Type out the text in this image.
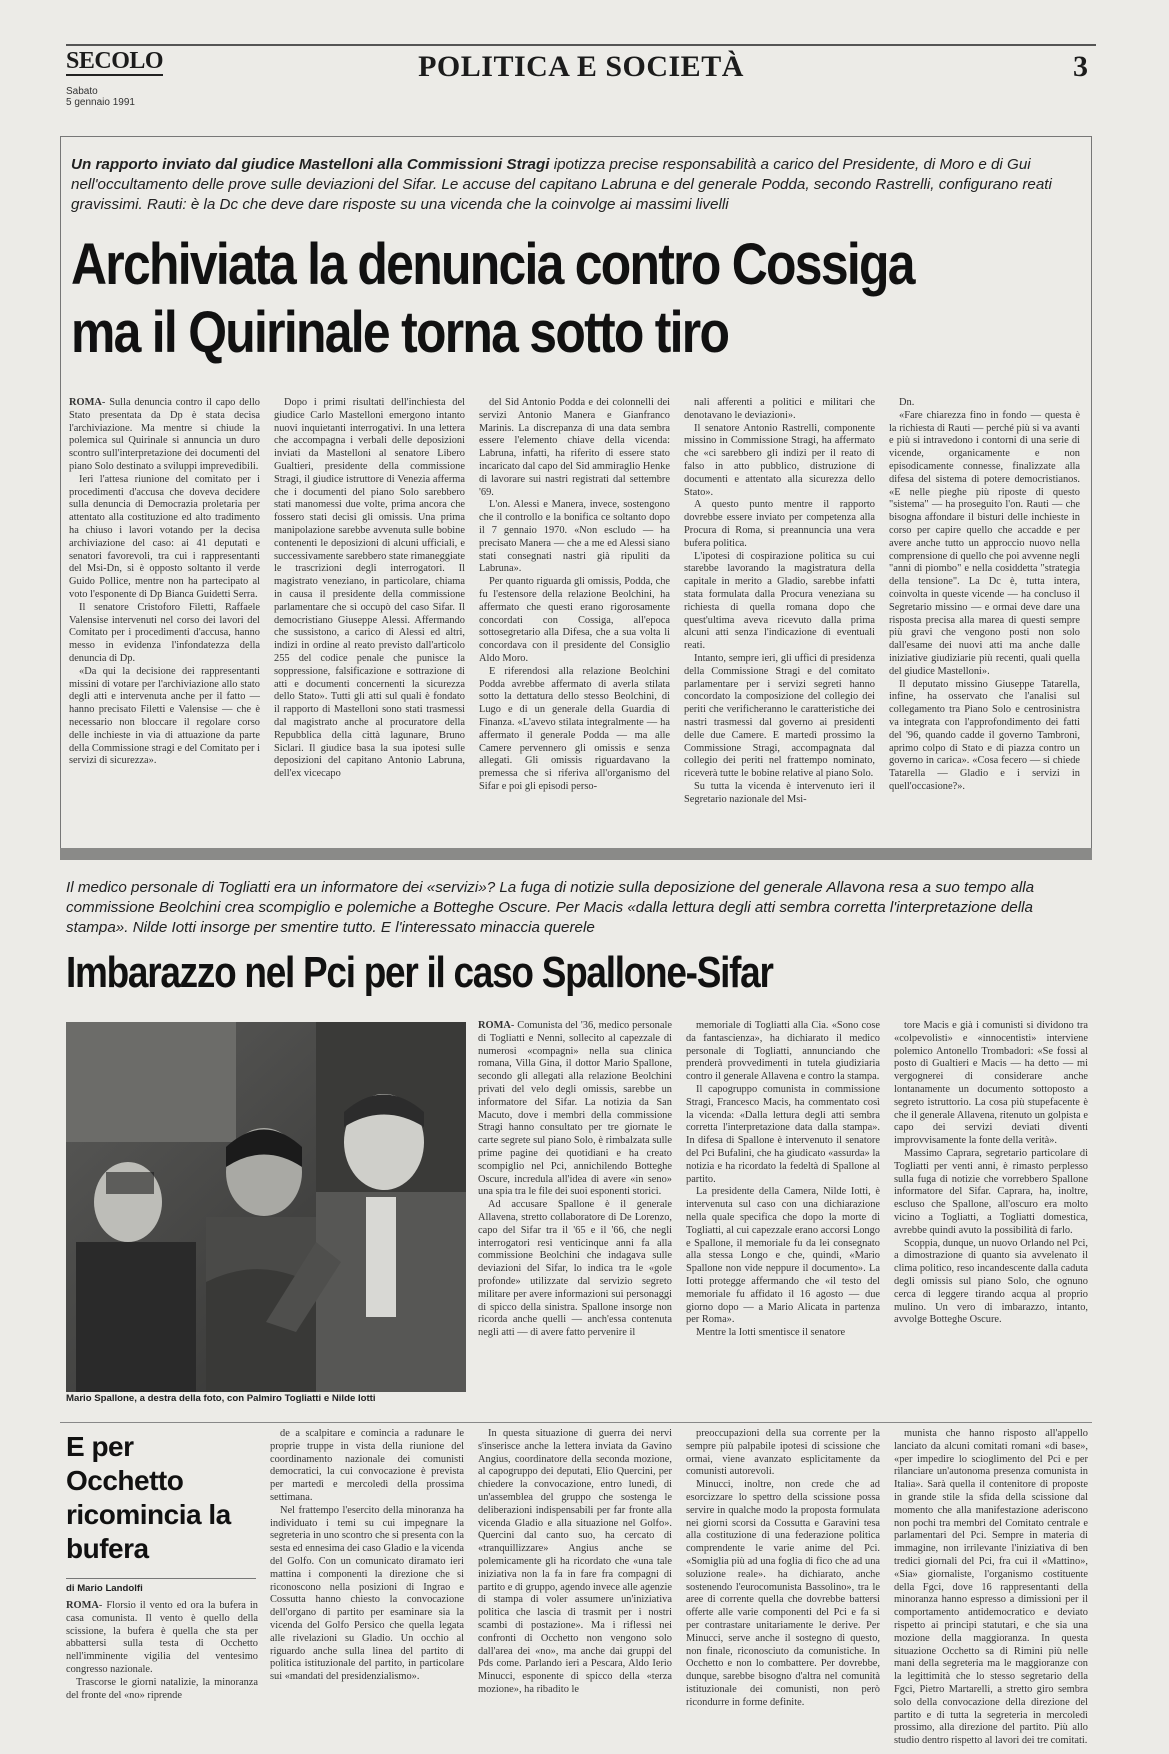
SECOLO
Sabato
5 gennaio 1991
POLITICA E SOCIETÀ	3
Un rapporto inviato dal giudice Mastelloni alla Commissioni Stragi ipotizza precise responsabilità a carico del Presidente, di Moro e di Gui nell'occultamento delle prove sulle deviazioni del Sifar. Le accuse del capitano Labruna e del generale Podda, secondo Rastrelli, configurano reati gravissimi. Rauti: è la Dc che deve dare risposte su una vicenda che la coinvolge ai massimi livelli
Archiviata la denuncia contro Cossiga
ma il Quirinale torna sotto tiro

ROMA- Sulla denuncia contro il capo dello Stato presentata da Dp è stata decisa l'archiviazione. Ma mentre si chiude la polemica sul Quirinale si annuncia un duro scontro sull'interpretazione dei documenti del piano Solo destinato a sviluppi imprevedibili.

Ieri l'attesa riunione del comitato per i procedimenti d'accusa che doveva decidere sulla denuncia di Democrazia proletaria per attentato alla costituzione ed alto tradimento ha chiuso i lavori votando per la decisa archiviazione del caso: ai 41 deputati e senatori favorevoli, tra cui i rappresentanti del Msi-Dn, si è opposto soltanto il verde Guido Pollice, mentre non ha partecipato al voto l'esponente di Dp Bianca Guidetti Serra.

Il senatore Cristoforo Filetti, Raffaele Valensise intervenuti nel corso dei lavori del Comitato per i procedimenti d'accusa, hanno messo in evidenza l'infondatezza della denuncia di Dp.

«Da qui la decisione dei rappresentanti missini di votare per l'archiviazione allo stato degli atti e intervenuta anche per il fatto — hanno precisato Filetti e Valensise — che è necessario non bloccare il regolare corso delle inchieste in via di attuazione da parte della Commissione stragi e del Comitato per i servizi di sicurezza».

Dopo i primi risultati dell'inchiesta del giudice Carlo Mastelloni emergono intanto nuovi inquietanti interrogativi. In una lettera che accompagna i verbali delle deposizioni inviati da Mastelloni al senatore Libero Gualtieri, presidente della commissione Stragi, il giudice istruttore di Venezia afferma che i documenti del piano Solo sarebbero stati manomessi due volte, prima ancora che fossero stati decisi gli omissis. Una prima manipolazione sarebbe avvenuta sulle bobine contenenti le deposizioni di alcuni ufficiali, e successivamente sarebbero state rimaneggiate le trascrizioni degli interrogatori. Il magistrato veneziano, in particolare, chiama in causa il presidente della commissione parlamentare che si occupò del caso Sifar. Il democristiano Giuseppe Alessi. Affermando che sussistono, a carico di Alessi ed altri, indizi in ordine al reato previsto dall'articolo 255 del codice penale che punisce la soppressione, falsificazione e sottrazione di atti e documenti concernenti la sicurezza dello Stato». Tutti gli atti sul quali è fondato il rapporto di Mastelloni sono stati trasmessi dal magistrato anche al procuratore della Repubblica della città lagunare, Bruno Siclari. Il giudice basa la sua ipotesi sulle deposizioni del capitano Antonio Labruna, dell'ex vicecapo

del Sid Antonio Podda e dei colonnelli dei servizi Antonio Manera e Gianfranco Marinis. La discrepanza di una data sembra essere l'elemento chiave della vicenda: Labruna, infatti, ha riferito di essere stato incaricato dal capo del Sid ammiraglio Henke di lavorare sui nastri registrati dal settembre '69.

L'on. Alessi e Manera, invece, sostengono che il controllo e la bonifica ce soltanto dopo il 7 gennaio 1970. «Non escludo — ha precisato Manera — che a me ed Alessi siano stati consegnati nastri già ripuliti da Labruna».

Per quanto riguarda gli omissis, Podda, che fu l'estensore della relazione Beolchini, ha affermato che questi erano rigorosamente concordati con Cossiga, all'epoca sottosegretario alla Difesa, che a sua volta li concordava con il presidente del Consiglio Aldo Moro.

E riferendosi alla relazione Beolchini Podda avrebbe affermato di averla stilata sotto la dettatura dello stesso Beolchini, di Lugo e di un generale della Guardia di Finanza. «L'avevo stilata integralmente — ha affermato il generale Podda — ma alle Camere pervennero gli omissis e senza allegati. Gli omissis riguardavano la premessa che si riferiva all'organismo del Sifar e poi gli episodi perso-

nali afferenti a politici e militari che denotavano le deviazioni».

Il senatore Antonio Rastrelli, componente missino in Commissione Stragi, ha affermato che «ci sarebbero gli indizi per il reato di falso in atto pubblico, distruzione di documenti e attentato alla sicurezza dello Stato».

A questo punto mentre il rapporto dovrebbe essere inviato per competenza alla Procura di Roma, si preannuncia una vera bufera politica.

L'ipotesi di cospirazione politica su cui starebbe lavorando la magistratura della capitale in merito a Gladio, sarebbe infatti stata formulata dalla Procura veneziana su richiesta di quella romana dopo che quest'ultima aveva ricevuto dalla prima alcuni atti senza l'indicazione di eventuali reati.

Intanto, sempre ieri, gli uffici di presidenza della Commissione Stragi e del comitato parlamentare per i servizi segreti hanno concordato la composizione del collegio dei periti che verificheranno le caratteristiche dei nastri trasmessi dal governo ai presidenti delle due Camere. E martedì prossimo la Commissione Stragi, accompagnata dal collegio dei periti nel frattempo nominato, riceverà tutte le bobine relative al piano Solo.

Su tutta la vicenda è intervenuto ieri il Segretario nazionale del Msi-

Dn.

«Fare chiarezza fino in fondo — questa è la richiesta di Rauti — perché più si va avanti e più si intravedono i contorni di una serie di vicende, organicamente e non episodicamente connesse, finalizzate alla difesa del sistema di potere democristianos. «E nelle pieghe più riposte di questo "sistema" — ha proseguito l'on. Rauti — che bisogna affondare il bisturi delle inchieste in corso per capire quello che accadde e per avere anche tutto un approccio nuovo nella comprensione di quello che poi avvenne negli "anni di piombo" e nella cosiddetta "strategia della tensione". La Dc è, tutta intera, coinvolta in queste vicende — ha concluso il Segretario missino — e ormai deve dare una risposta precisa alla marea di questi sempre più gravi che vengono posti non solo dall'esame dei nuovi atti ma anche dalle iniziative giudiziarie più recenti, quali quella del giudice Mastelloni».

Il deputato missino Giuseppe Tatarella, infine, ha osservato che l'analisi sul collegamento tra Piano Solo e centrosinistra va integrata con l'approfondimento dei fatti del '96, quando cadde il governo Tambroni, aprimo colpo di Stato e di piazza contro un governo in carica». «Cosa fecero — si chiede Tatarella — Gladio e i servizi in quell'occasione?».

Il medico personale di Togliatti era un informatore dei «servizi»? La fuga di notizie sulla deposizione del generale Allavona resa a suo tempo alla commissione Beolchini crea scompiglio e polemiche a Botteghe Oscure. Per Macis «dalla lettura degli atti sembra corretta l'interpretazione della stampa». Nilde Iotti insorge per smentire tutto. E l'interessato minaccia querele
Imbarazzo nel Pci per il caso Spallone-Sifar
Mario Spallone, a destra della foto, con Palmiro Togliatti e Nilde Iotti

ROMA- Comunista del '36, medico personale di Togliatti e Nenni, sollecito al capezzale di numerosi «compagni» nella sua clinica romana, Villa Gina, il dottor Mario Spallone, secondo gli allegati alla relazione Beolchini privati del velo degli omissis, sarebbe un informatore del Sifar. La notizia da San Macuto, dove i membri della commissione Stragi hanno consultato per tre giornate le carte segrete sul piano Solo, è rimbalzata sulle prime pagine dei quotidiani e ha creato scompiglio nel Pci, annichilendo Botteghe Oscure, incredula all'idea di avere «in seno» una spia tra le file dei suoi esponenti storici.

Ad accusare Spallone è il generale Allavena, stretto collaboratore di De Lorenzo, capo del Sifar tra il '65 e il '66, che negli interrogatori resi venticinque anni fa alla commissione Beolchini che indagava sulle deviazioni del Sifar, lo indica tra le «gole profonde» utilizzate dal servizio segreto militare per avere informazioni sui personaggi di spicco della sinistra. Spallone insorge non ricorda anche quelli — anch'essa contenuta negli atti — di avere fatto pervenire il

memoriale di Togliatti alla Cia. «Sono cose da fantascienza», ha dichiarato il medico personale di Togliatti, annunciando che prenderà provvedimenti in tutela giudiziaria contro il generale Allavena e contro la stampa.

Il capogruppo comunista in commissione Stragi, Francesco Macis, ha commentato così la vicenda: «Dalla lettura degli atti sembra corretta l'interpretazione data dalla stampa». In difesa di Spallone è intervenuto il senatore del Pci Bufalini, che ha giudicato «assurda» la notizia e ha ricordato la fedeltà di Spallone al partito.

La presidente della Camera, Nilde Iotti, è intervenuta sul caso con una dichiarazione nella quale specifica che dopo la morte di Togliatti, al cui capezzale erano accorsi Longo e Spallone, il memoriale fu da lei consegnato alla stessa Longo e che, quindi, «Mario Spallone non vide neppure il documento». La Iotti protegge affermando che «il testo del memoriale fu affidato il 16 agosto — due giorno dopo — a Mario Alicata in partenza per Roma».

Mentre la Iotti smentisce il senatore

tore Macis e già i comunisti si dividono tra «colpevolisti» e «innocentisti» interviene polemico Antonello Trombadori: «Se fossi al posto di Gualtieri e Macis — ha detto — mi vergognerei di considerare anche lontanamente un documento sottoposto a segreto istruttorio. La cosa più stupefacente è che il generale Allavena, ritenuto un golpista e capo dei servizi deviati diventi improvvisamente la fonte della verità».

Massimo Caprara, segretario particolare di Togliatti per venti anni, è rimasto perplesso sulla fuga di notizie che vorrebbero Spallone informatore del Sifar. Caprara, ha, inoltre, escluso che Spallone, all'oscuro era molto vicino a Togliatti, a Togliatti domestica, avrebbe quindi avuto la possibilità di farlo.

Scoppia, dunque, un nuovo Orlando nel Pci, a dimostrazione di quanto sia avvelenato il clima politico, reso incandescente dalla caduta degli omissis sul piano Solo, che ognuno cerca di leggere tirando acqua al proprio mulino. Un vero di imbarazzo, intanto, avvolge Botteghe Oscure.

E per Occhetto ricomincia la bufera
di Mario Landolfi

ROMA- Florsio il vento ed ora la bufera in casa comunista. Il vento è quello della scissione, la bufera è quella che sta per abbattersi sulla testa di Occhetto nell'imminente vigilia del ventesimo congresso nazionale.

Trascorse le giorni natalizie, la minoranza del fronte del «no» riprende

de a scalpitare e comincia a radunare le proprie truppe in vista della riunione del coordinamento nazionale dei comunisti democratici, la cui convocazione è prevista per martedì e mercoledì della prossima settimana.

Nel frattempo l'esercito della minoranza ha individuato i temi su cui impegnare la segreteria in uno scontro che si presenta con la sesta ed ennesima dei caso Gladio e la vicenda del Golfo. Con un comunicato diramato ieri mattina i componenti la direzione che si riconoscono nella posizioni di Ingrao e Cossutta hanno chiesto la convocazione dell'organo di partito per esaminare sia la vicenda del Golfo Persico che quella legata alle rivelazioni su Gladio. Un occhio al riguardo anche sulla linea del partito di politica istituzionale del partito, in particolare sui «mandati del presidenzialismo».

In questa situazione di guerra dei nervi s'inserisce anche la lettera inviata da Gavino Angius, coordinatore della seconda mozione, al capogruppo dei deputati, Elio Quercini, per chiedere la convocazione, entro lunedì, di un'assemblea del gruppo che sostenga le deliberazioni indispensabili per far fronte alla vicenda Gladio e alla situazione nel Golfo». Quercini dal canto suo, ha cercato di «tranquillizzare» Angius anche se polemicamente gli ha ricordato che «una tale iniziativa non la fa in fare fra compagni di partito e di gruppo, agendo invece alle agenzie di stampa di voler assumere un'iniziativa politica che lascia di trasmit per i nostri scambi di postazione». Ma i riflessi nei confronti di Occhetto non vengono solo dall'area dei «no», ma anche dai gruppi del Pds come. Parlando ieri a Pescara, Aldo Ierio Minucci, esponente di spicco della «terza mozione», ha ribadito le

preoccupazioni della sua corrente per la sempre più palpabile ipotesi di scissione che ormai, viene avanzato esplicitamente da comunisti autorevoli.

Minucci, inoltre, non crede che ad esorcizzare lo spettro della scissione possa servire in qualche modo la proposta formulata nei giorni scorsi da Cossutta e Garavini tesa alla costituzione di una federazione politica comprendente le varie anime del Pci. «Somiglia più ad una foglia di fico che ad una soluzione reale». ha dichiarato, anche sostenendo l'eurocomunista Bassolino», tra le aree di corrente quella che dovrebbe battersi offerte alle varie componenti del Pci e fa si per contrastare unitariamente le derive. Per Minucci, serve anche il sostegno di questo, non finale, riconosciuto da comunistiche. In Occhetto e non lo combattere. Per dovrebbe, dunque, sarebbe bisogno d'altra nel comunità istituzionale dei comunisti, non però ricondurre in forme definite.

munista che hanno risposto all'appello lanciato da alcuni comitati romani «di base», «per impedire lo scioglimento del Pci e per rilanciare un'autonoma presenza comunista in Italia». Sarà quella il contenitore di proposte in grande stile la sfida della scissione dal momento che alla manifestazione aderiscono non pochi tra membri del Comitato centrale e parlamentari del Pci. Sempre in materia di immagine, non irrilevante l'iniziativa di ben tredici giornali del Pci, fra cui il «Mattino», «Sia» giornaliste, l'organismo costituente della Fgci, dove 16 rappresentanti della minoranza hanno espresso a dimissioni per il comportamento antidemocratico e deviato rispetto ai principi statutari, e che sia una mozione della maggioranza. In questa situazione Occhetto sa di Rimini più nelle mani della segreteria ma le maggioranze con la legittimità che lo stesso segretario della Fgci, Pietro Martarelli, a stretto giro sembra solo della convocazione della direzione del partito e di tutta la segreteria in mercoledì prossimo, alla direzione del partito. Più allo studio dentro rispetto al lavori dei tre comitati.
